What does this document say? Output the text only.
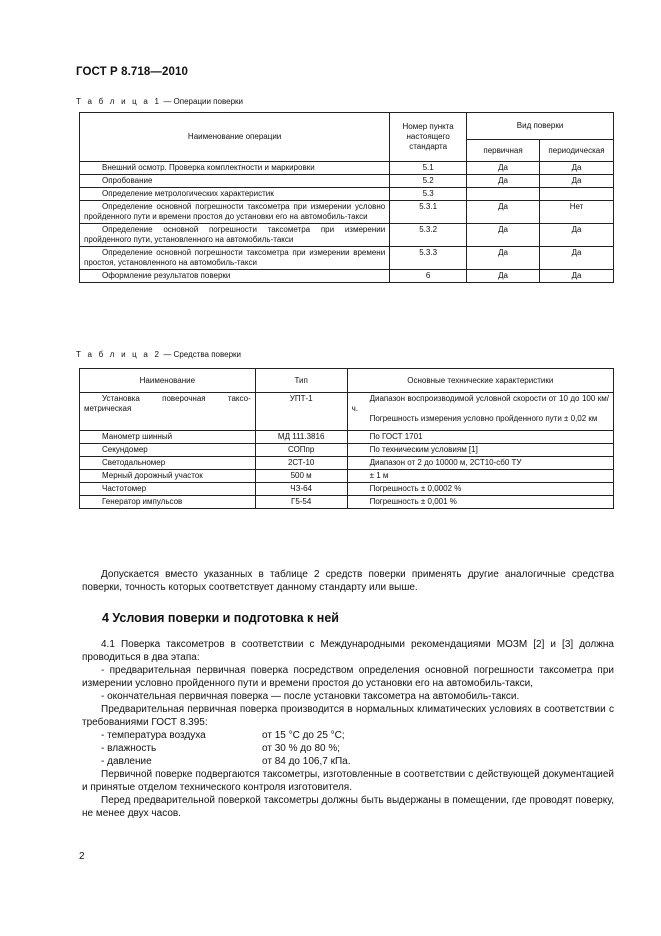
ГОСТ Р 8.718—2010
Т а б л и ц а 1 — Операции поверки
Наименование операции	Номер пункта настоящего стандарта	Вид поверки	
		первичная	периодическая
Внешний осмотр. Проверка комплектности и маркировки	5.1	Да	Да
Опробование	5.2	Да	Да
Определение метрологических характеристик	5.3		
Определение основной погрешности таксометра при измерении условно пройденного пути и времени простоя до установки его на автомобиль-такси	5.3.1	Да	Нет
Определение основной погрешности таксометра при измерении пройденного пути, установленного на автомобиль-такси	5.3.2	Да	Да
Определение основной погрешности таксометра при измерении времени простоя, установленного на автомобиль-такси	5.3.3	Да	Да
Оформление результатов поверки	6	Да	Да
Т а б л и ц а 2 — Средства поверки
Наименование	Тип	Основные технические характеристики
Установка поверочная таксометрическая	УПТ-1	Диапазон воспроизводимой условной скорости от 10 до 100 км/ч.
Погрешность измерения условно пройденного пути ± 0,02 км

Манометр шинный	МД 111.3816	По ГОСТ 1701
Секундомер	СОПпр	По техническим условиям [1]
Светодальномер	2СТ-10	Диапазон от 2 до 10000 м, 2СТ10-сб0 ТУ
Мерный дорожный участок	500 м	± 1 м
Частотомер	ЧЗ-64	Погрешность ± 0,0002 %
Генератор импульсов	Г5-54	Погрешность ± 0,001 %

Допускается вместо указанных в таблице 2 средств поверки применять другие аналогичные средства поверки, точность которых соответствует данному стандарту или выше.

4 Условия поверки и подготовка к ней

4.1 Поверка таксометров в соответствии с Международными рекомендациями МОЗМ [2] и [3] должна проводиться в два этапа:

- предварительная первичная поверка посредством определения основной погрешности таксометра при измерении условно пройденного пути и времени простоя до установки его на автомобиль-такси,

- окончательная первичная поверка — после установки таксометра на автомобиль-такси.

Предварительная первичная поверка производится в нормальных климатических условиях в соответствии с требованиями ГОСТ 8.395:

- температура воздуха	от 15 °С до 25 °С;
- влажность	от 30 % до 80 %;
- давление	от 84 до 106,7 кПа.

Первичной поверке подвергаются таксометры, изготовленные в соответствии с действующей документацией и принятые отделом технического контроля изготовителя.

Перед предварительной поверкой таксометры должны быть выдержаны в помещении, где проводят поверку, не менее двух часов.

2
